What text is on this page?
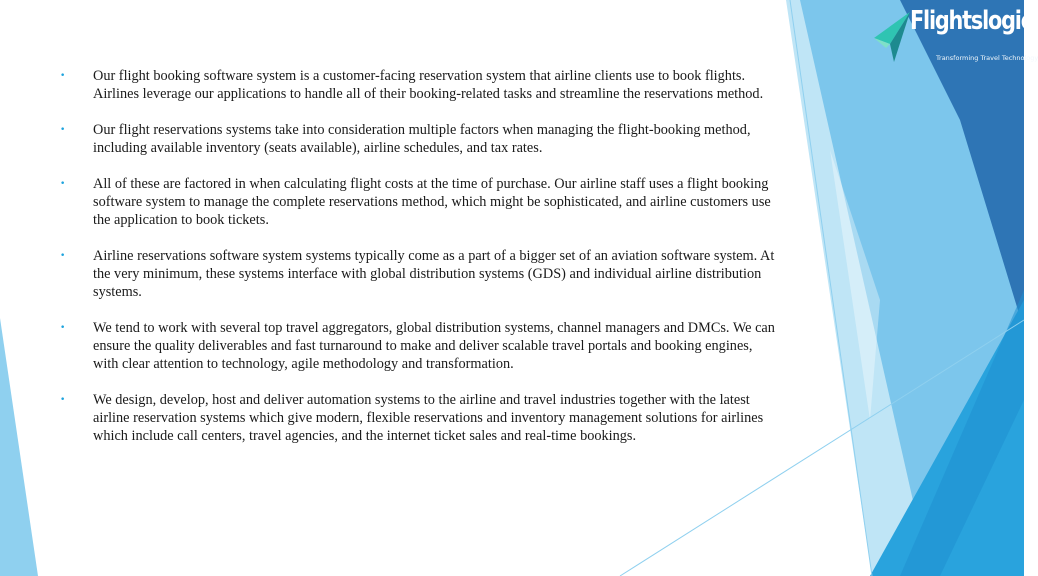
Flightslogic
Transforming Travel Technology
• Our flight booking software system is a customer-facing reservation system that airline clients use to book flights. Airlines leverage our applications to handle all of their booking-related tasks and streamline the reservations method.
• Our flight reservations systems take into consideration multiple factors when managing the flight-booking method, including available inventory (seats available), airline schedules, and tax rates.
• All of these are factored in when calculating flight costs at the time of purchase. Our airline staff uses a flight booking software system to manage the complete reservations method, which might be sophisticated, and airline customers use the application to book tickets.
• Airline reservations software system systems typically come as a part of a bigger set of an aviation software system. At the very minimum, these systems interface with global distribution systems (GDS) and individual airline distribution systems.
• We tend to work with several top travel aggregators, global distribution systems, channel managers and DMCs. We can ensure the quality deliverables and fast turnaround to make and deliver scalable travel portals and booking engines, with clear attention to technology, agile methodology and transformation.
• We design, develop, host and deliver automation systems to the airline and travel industries together with the latest airline reservation systems which give modern, flexible reservations and inventory management solutions for airlines which include call centers, travel agencies, and the internet ticket sales and real-time bookings.
